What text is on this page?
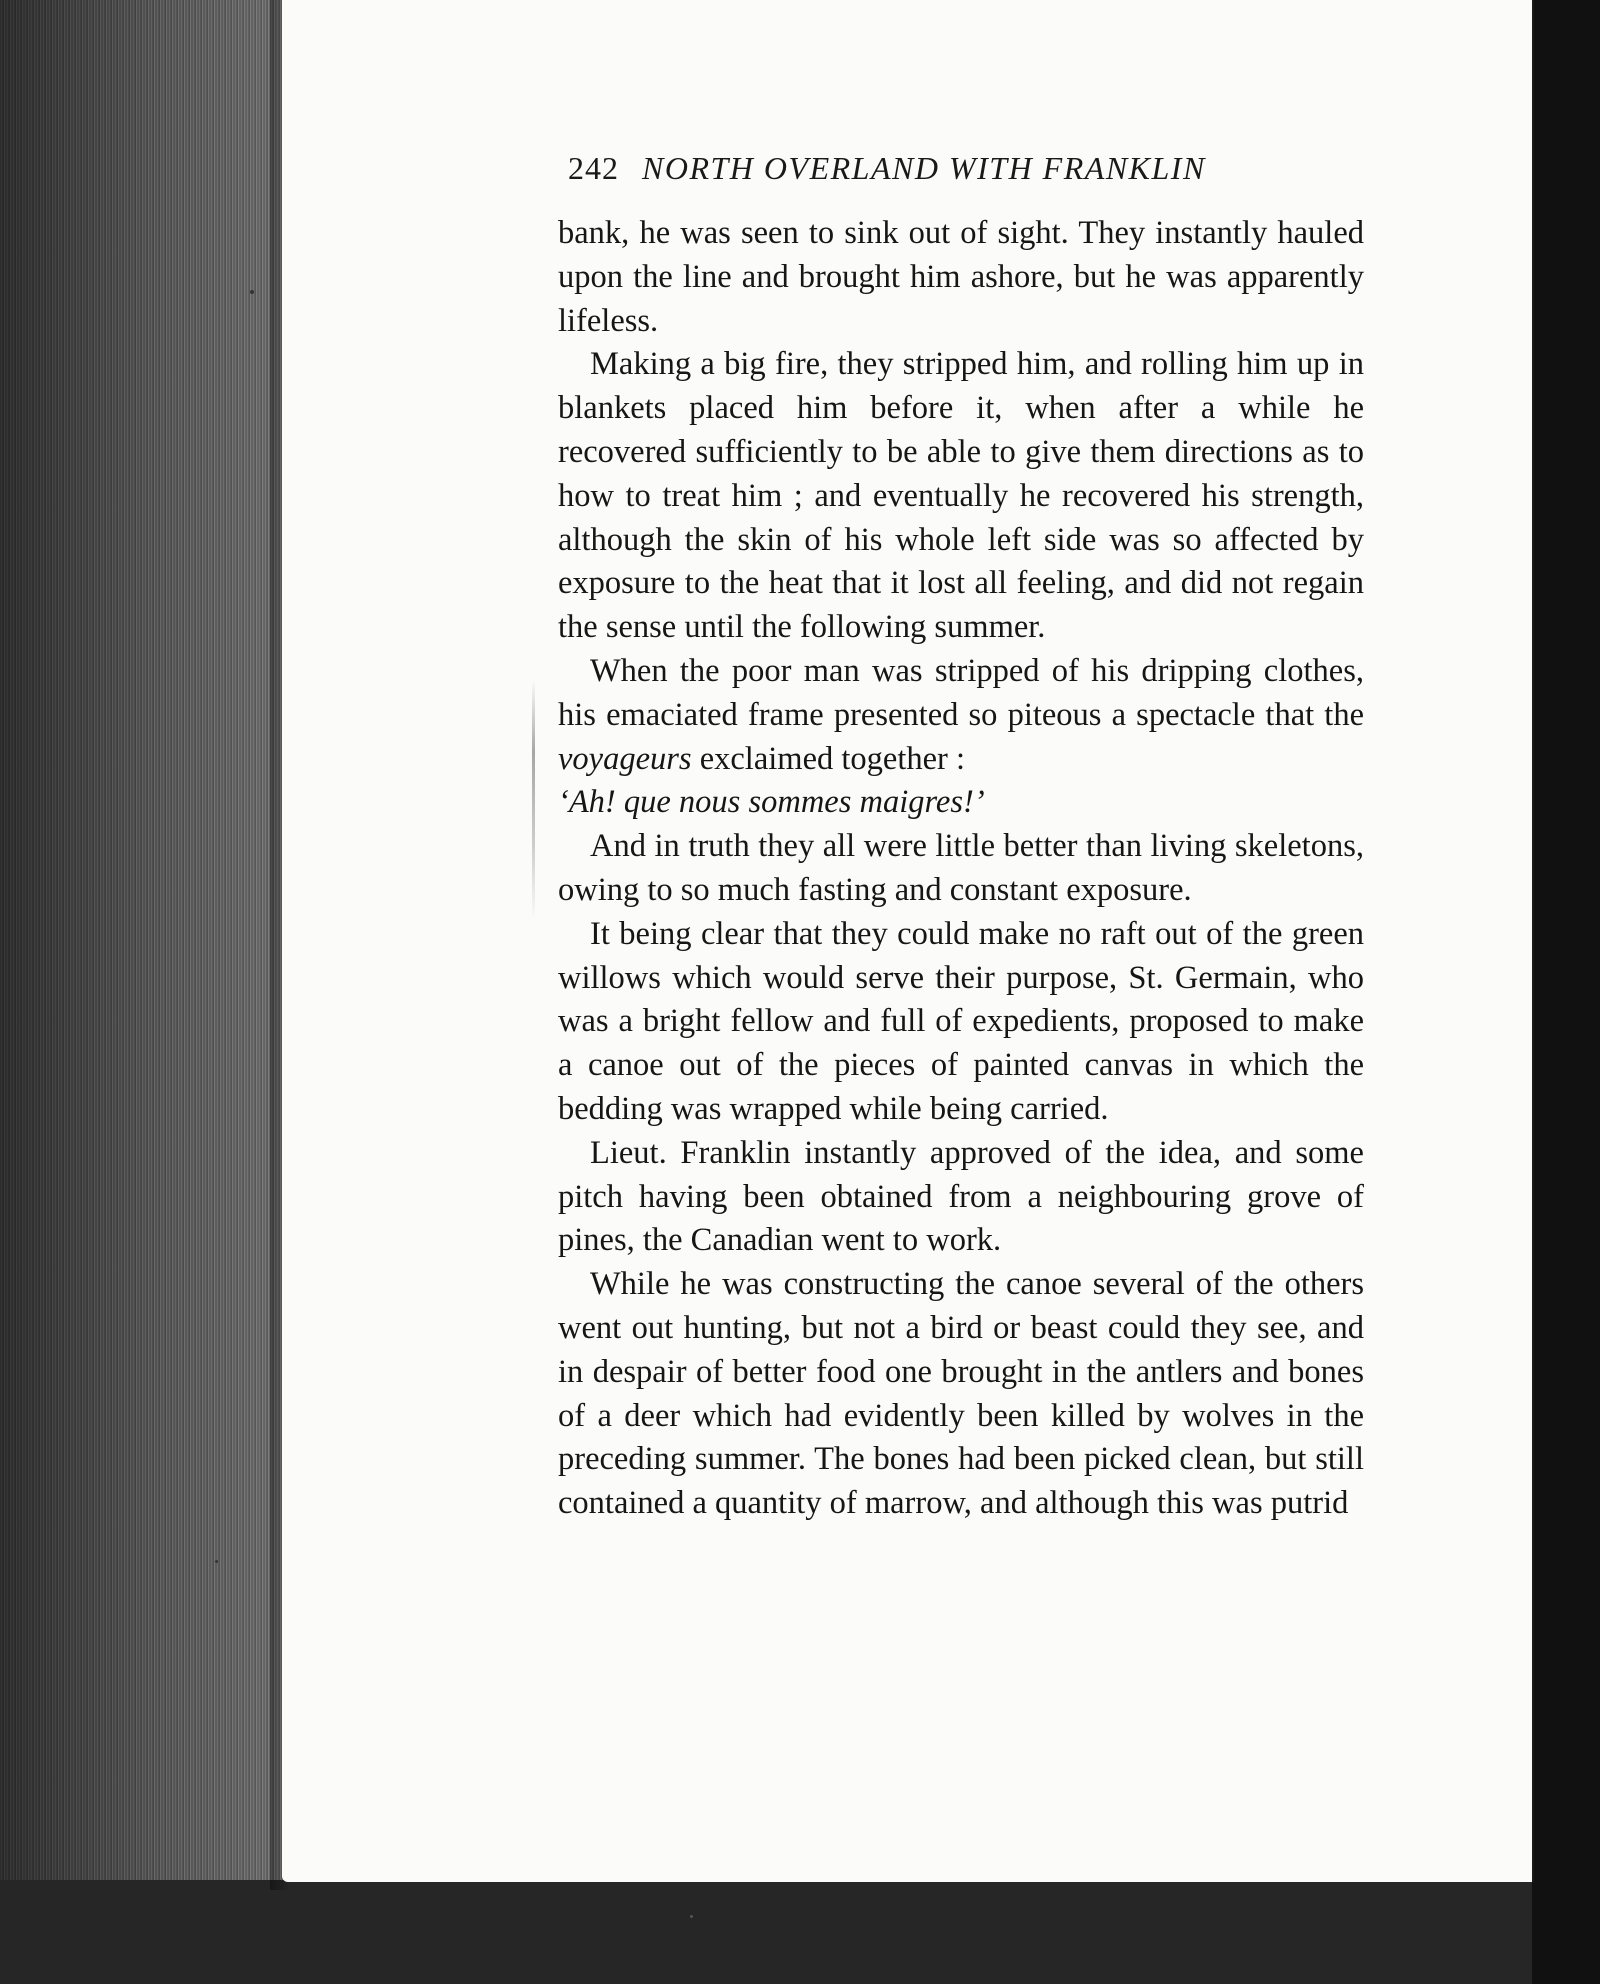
242 NORTH OVERLAND WITH FRANKLIN

bank, he was seen to sink out of sight. They instantly hauled upon the line and brought him ashore, but he was apparently lifeless.

Making a big fire, they stripped him, and rolling him up in blankets placed him before it, when after a while he recovered sufficiently to be able to give them directions as to how to treat him ; and eventually he recovered his strength, although the skin of his whole left side was so affected by exposure to the heat that it lost all feeling, and did not regain the sense until the following summer.

When the poor man was stripped of his dripping clothes, his emaciated frame presented so piteous a spectacle that the voyageurs exclaimed together :

‘Ah! que nous sommes maigres!’

And in truth they all were little better than living skeletons, owing to so much fasting and constant exposure.

It being clear that they could make no raft out of the green willows which would serve their purpose, St. Germain, who was a bright fellow and full of expedients, proposed to make a canoe out of the pieces of painted canvas in which the bedding was wrapped while being carried.

Lieut. Franklin instantly approved of the idea, and some pitch having been obtained from a neighbouring grove of pines, the Canadian went to work.

While he was constructing the canoe several of the others went out hunting, but not a bird or beast could they see, and in despair of better food one brought in the antlers and bones of a deer which had evidently been killed by wolves in the preceding summer. The bones had been picked clean, but still contained a quantity of marrow, and although this was putrid
